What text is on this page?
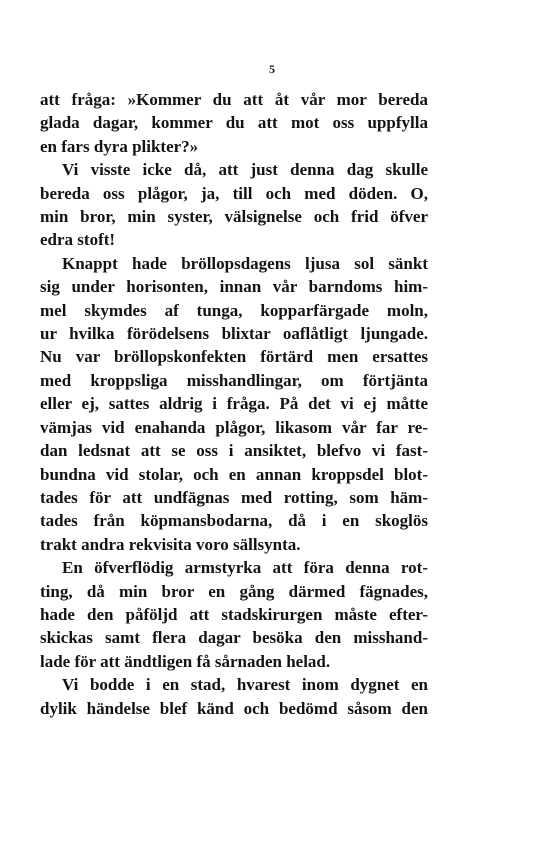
5
att fråga: »Kommer du att åt vår mor bereda
glada dagar, kommer du att mot oss uppfylla
en fars dyra plikter?»
Vi visste icke då, att just denna dag skulle
bereda oss plågor, ja, till och med döden. O,
min bror, min syster, välsignelse och frid öfver
edra stoft!
Knappt hade bröllopsdagens ljusa sol sänkt
sig under horisonten, innan vår barndoms him-
mel skymdes af tunga, kopparfärgade moln,
ur hvilka förödelsens blixtar oaflåtligt ljungade.
Nu var bröllopskonfekten förtärd men ersattes
med kroppsliga misshandlingar, om förtjänta
eller ej, sattes aldrig i fråga. På det vi ej måtte
vämjas vid enahanda plågor, likasom vår far re-
dan ledsnat att se oss i ansiktet, blefvo vi fast-
bundna vid stolar, och en annan kroppsdel blot-
tades för att undfägnas med rotting, som häm-
tades från köpmansbodarna, då i en skoglös
trakt andra rekvisita voro sällsynta.
En öfverflödig armstyrka att föra denna rot-
ting, då min bror en gång därmed fägnades,
hade den påföljd att stadskirurgen måste efter-
skickas samt flera dagar besöka den misshand-
lade för att ändtligen få sårnaden helad.
Vi bodde i en stad, hvarest inom dygnet en
dylik händelse blef känd och bedömd såsom den
